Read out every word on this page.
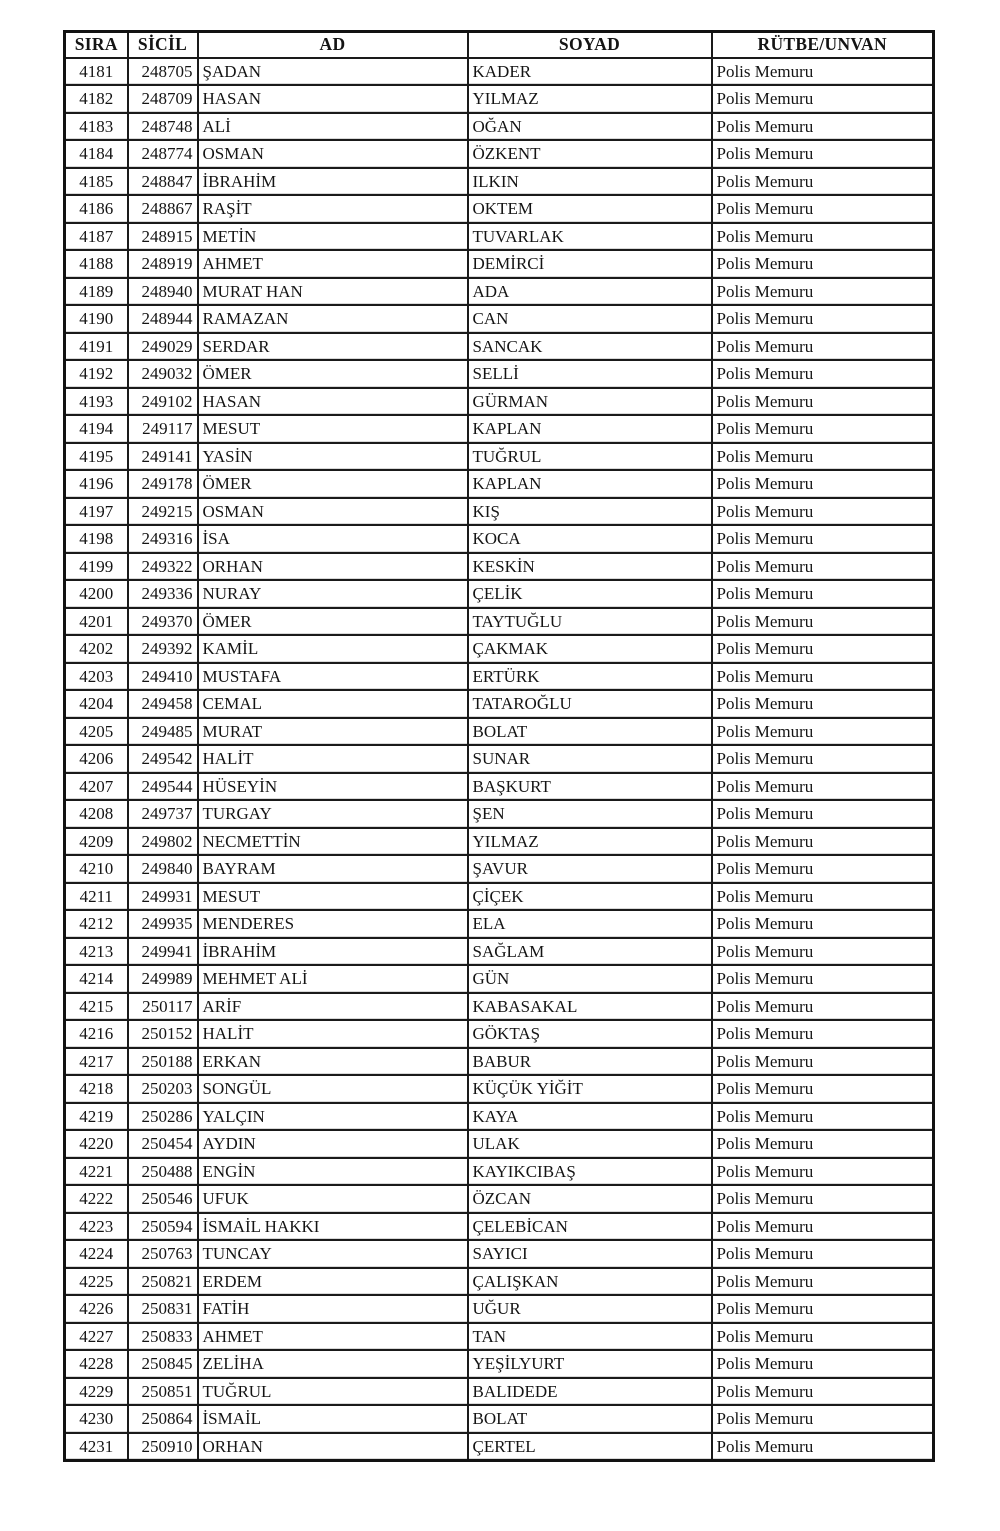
SIRA	SİCİL	AD	SOYAD	RÜTBE/UNVAN
4181	248705	ŞADAN	KADER	Polis Memuru
4182	248709	HASAN	YILMAZ	Polis Memuru
4183	248748	ALİ	OĞAN	Polis Memuru
4184	248774	OSMAN	ÖZKENT	Polis Memuru
4185	248847	İBRAHİM	ILKIN	Polis Memuru
4186	248867	RAŞİT	OKTEM	Polis Memuru
4187	248915	METİN	TUVARLAK	Polis Memuru
4188	248919	AHMET	DEMİRCİ	Polis Memuru
4189	248940	MURAT HAN	ADA	Polis Memuru
4190	248944	RAMAZAN	CAN	Polis Memuru
4191	249029	SERDAR	SANCAK	Polis Memuru
4192	249032	ÖMER	SELLİ	Polis Memuru
4193	249102	HASAN	GÜRMAN	Polis Memuru
4194	249117	MESUT	KAPLAN	Polis Memuru
4195	249141	YASİN	TUĞRUL	Polis Memuru
4196	249178	ÖMER	KAPLAN	Polis Memuru
4197	249215	OSMAN	KIŞ	Polis Memuru
4198	249316	İSA	KOCA	Polis Memuru
4199	249322	ORHAN	KESKİN	Polis Memuru
4200	249336	NURAY	ÇELİK	Polis Memuru
4201	249370	ÖMER	TAYTUĞLU	Polis Memuru
4202	249392	KAMİL	ÇAKMAK	Polis Memuru
4203	249410	MUSTAFA	ERTÜRK	Polis Memuru
4204	249458	CEMAL	TATAROĞLU	Polis Memuru
4205	249485	MURAT	BOLAT	Polis Memuru
4206	249542	HALİT	SUNAR	Polis Memuru
4207	249544	HÜSEYİN	BAŞKURT	Polis Memuru
4208	249737	TURGAY	ŞEN	Polis Memuru
4209	249802	NECMETTİN	YILMAZ	Polis Memuru
4210	249840	BAYRAM	ŞAVUR	Polis Memuru
4211	249931	MESUT	ÇİÇEK	Polis Memuru
4212	249935	MENDERES	ELA	Polis Memuru
4213	249941	İBRAHİM	SAĞLAM	Polis Memuru
4214	249989	MEHMET ALİ	GÜN	Polis Memuru
4215	250117	ARİF	KABASAKAL	Polis Memuru
4216	250152	HALİT	GÖKTAŞ	Polis Memuru
4217	250188	ERKAN	BABUR	Polis Memuru
4218	250203	SONGÜL	KÜÇÜK YİĞİT	Polis Memuru
4219	250286	YALÇIN	KAYA	Polis Memuru
4220	250454	AYDIN	ULAK	Polis Memuru
4221	250488	ENGİN	KAYIKCIBAŞ	Polis Memuru
4222	250546	UFUK	ÖZCAN	Polis Memuru
4223	250594	İSMAİL HAKKI	ÇELEBİCAN	Polis Memuru
4224	250763	TUNCAY	SAYICI	Polis Memuru
4225	250821	ERDEM	ÇALIŞKAN	Polis Memuru
4226	250831	FATİH	UĞUR	Polis Memuru
4227	250833	AHMET	TAN	Polis Memuru
4228	250845	ZELİHA	YEŞİLYURT	Polis Memuru
4229	250851	TUĞRUL	BALIDEDE	Polis Memuru
4230	250864	İSMAİL	BOLAT	Polis Memuru
4231	250910	ORHAN	ÇERTEL	Polis Memuru
